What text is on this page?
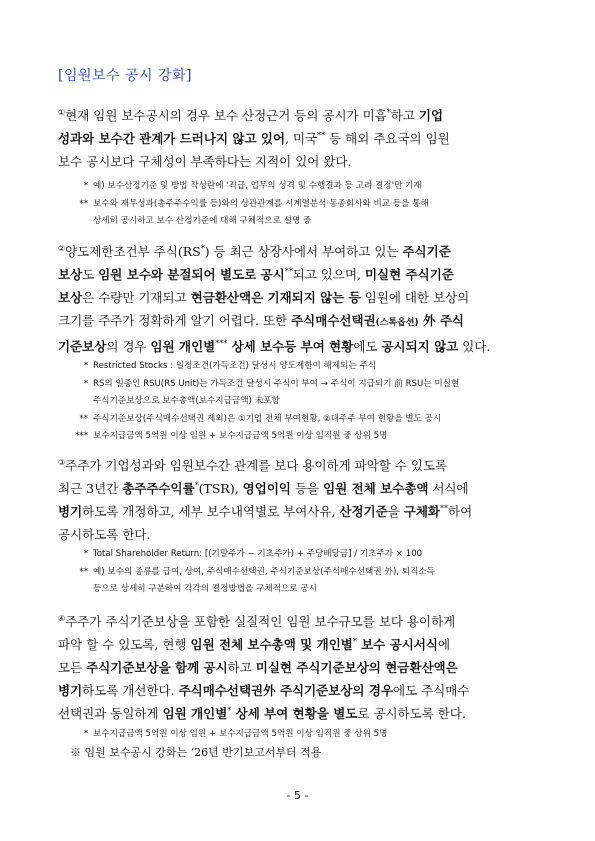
[임원보수 공시 강화]
①현재 임원 보수공시의 경우 보수 산정근거 등의 공시가 미흡*하고 기업
성과와 보수간 관계가 드러나지 않고 있어, 미국** 등 해외 주요국의 임원
보수 공시보다 구체성이 부족하다는 지적이 있어 왔다.
* 예) 보수산정기준 및 방법 작성란에 '직급, 업무의 성격 및 수행결과 등 고려 결정'만 기재
** 보수와 재무성과(총주주수익률 등)와의 상관관계를 시계열분석·동종회사와 비교 등을 통해
상세히 공시하고 보수 산정기준에 대해 구체적으로 설명 중
②양도제한조건부 주식(RS*) 등 최근 상장사에서 부여하고 있는 주식기준
보상도 임원 보수와 분절되어 별도로 공시**되고 있으며, 미실현 주식기준
보상은 수량만 기재되고 현금환산액은 기재되지 않는 등 임원에 대한 보상의
크기를 주주가 정확하게 알기 어렵다. 또한 주식매수선택권(스톡옵션) 外 주식
기준보상의 경우 임원 개인별*** 상세 보수등 부여 현황에도 공시되지 않고 있다.
* Restricted Stocks : 일정조건(가득조건) 달성시 양도제한이 해제되는 주식
* RS의 일종인 RSU(RS Unit)는 가득조건 달성시 주식이 부여 → 주식이 지급되기 前 RSU는 미실현
주식기준보상으로 보수총액(보수지급금액) 未포함
** 주식기준보상(주식매수선택권 제외)은 ①기업 전체 부여현황, ②대주주 부여 현황을 별도 공시
*** 보수지급금액 5억원 이상 임원 + 보수지급금액 5억원 이상 임직원 중 상위 5명
③주주가 기업성과와 임원보수간 관계를 보다 용이하게 파악할 수 있도록
최근 3년간 총주주수익률*(TSR), 영업이익 등을 임원 전체 보수총액 서식에
병기하도록 개정하고, 세부 보수내역별로 부여사유, 산정기준을 구체화**하여
공시하도록 한다.
* Total Shareholder Return: [(기말주가 − 기초주가) + 주당배당금] / 기초주가 × 100
** 예) 보수의 종류를 급여, 상여, 주식매수선택권, 주식기준보상(주식매수선택권 外), 퇴직소득
등으로 상세히 구분하여 각각의 결정방법을 구체적으로 공시
④주주가 주식기준보상을 포함한 실질적인 임원 보수규모를 보다 용이하게
파악 할 수 있도록, 현행 임원 전체 보수총액 및 개인별* 보수 공시서식에
모든 주식기준보상을 함께 공시하고 미실현 주식기준보상의 현금환산액은
병기하도록 개선한다. 주식매수선택권外 주식기준보상의 경우에도 주식매수
선택권과 동일하게 임원 개인별* 상세 부여 현황을 별도로 공시하도록 한다.
* 보수지급금액 5억원 이상 임원 + 보수지급금액 5억원 이상 임직원 중 상위 5명
※ 임원 보수공시 강화는 ‘26년 반기보고서부터 적용
- 5 -
